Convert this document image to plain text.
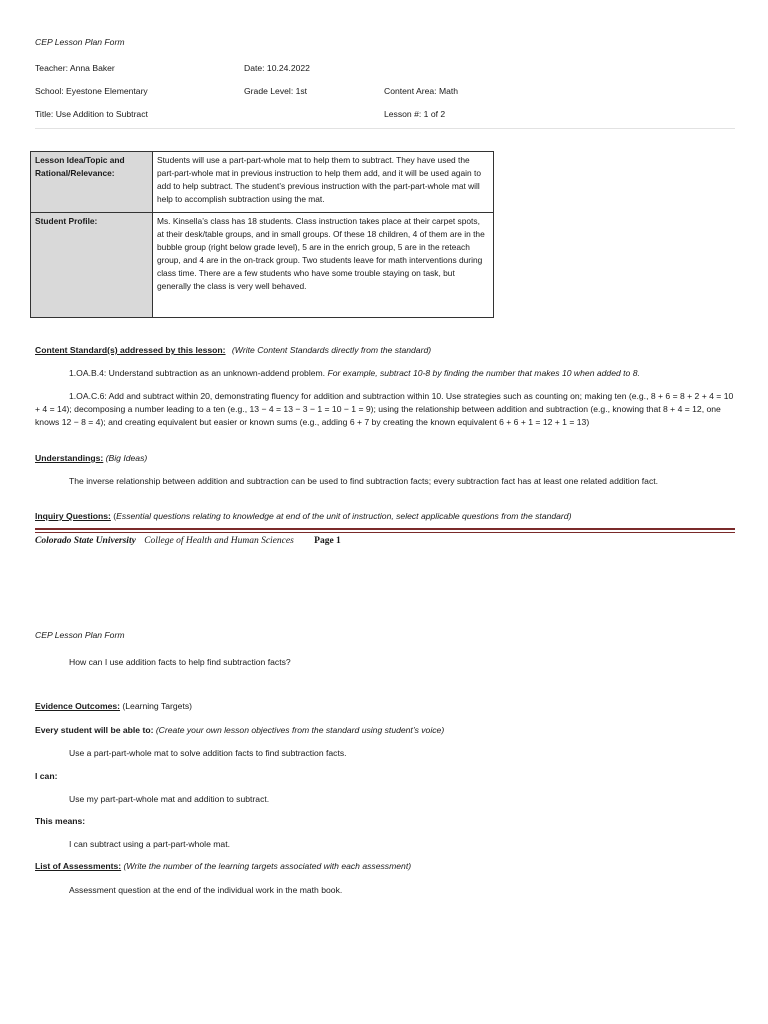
CEP Lesson Plan Form
Teacher: Anna Baker	Date: 10.24.2022
School: Eyestone Elementary	Grade Level: 1st	Content Area: Math
Title: Use Addition to Subtract	Lesson #: 1 of 2
Lesson Idea/Topic and Rational/Relevance:	Students will use a part-part-whole mat to help them to subtract. They have used the part-part-whole mat in previous instruction to help them add, and it will be used again to add to help subtract. The student’s previous instruction with the part-part-whole mat will help to accomplish subtraction using the mat.
Student Profile:	Ms. Kinsella’s class has 18 students. Class instruction takes place at their carpet spots, at their desk/table groups, and in small groups. Of these 18 children, 4 of them are in the bubble group (right below grade level), 5 are in the enrich group, 5 are in the reteach group, and 4 are in the on-track group. Two students leave for math interventions during class time. There are a few students who have some trouble staying on task, but generally the class is very well behaved.
Content Standard(s) addressed by this lesson: (Write Content Standards directly from the standard)
1.OA.B.4: Understand subtraction as an unknown-addend problem. For example, subtract 10-8 by finding the number that makes 10 when added to 8.
1.OA.C.6: Add and subtract within 20, demonstrating fluency for addition and subtraction within 10. Use strategies such as counting on; making ten (e.g., 8 + 6 = 8 + 2 + 4 = 10 + 4 = 14); decomposing a number leading to a ten (e.g., 13 − 4 = 13 − 3 − 1 = 10 − 1 = 9); using the relationship between addition and subtraction (e.g., knowing that 8 + 4 = 12, one knows 12 − 8 = 4); and creating equivalent but easier or known sums (e.g., adding 6 + 7 by creating the known equivalent 6 + 6 + 1 = 12 + 1 = 13)
Understandings: (Big Ideas)
The inverse relationship between addition and subtraction can be used to find subtraction facts; every subtraction fact has at least one related addition fact.
Inquiry Questions: (Essential questions relating to knowledge at end of the unit of instruction, select applicable questions from the standard)
Colorado State University College of Health and Human Sciences Page 1
CEP Lesson Plan Form
How can I use addition facts to help find subtraction facts?
Evidence Outcomes: (Learning Targets)
Every student will be able to: (Create your own lesson objectives from the standard using student’s voice)
Use a part-part-whole mat to solve addition facts to find subtraction facts.
I can:
Use my part-part-whole mat and addition to subtract.
This means:
I can subtract using a part-part-whole mat.
List of Assessments: (Write the number of the learning targets associated with each assessment)
Assessment question at the end of the individual work in the math book.
